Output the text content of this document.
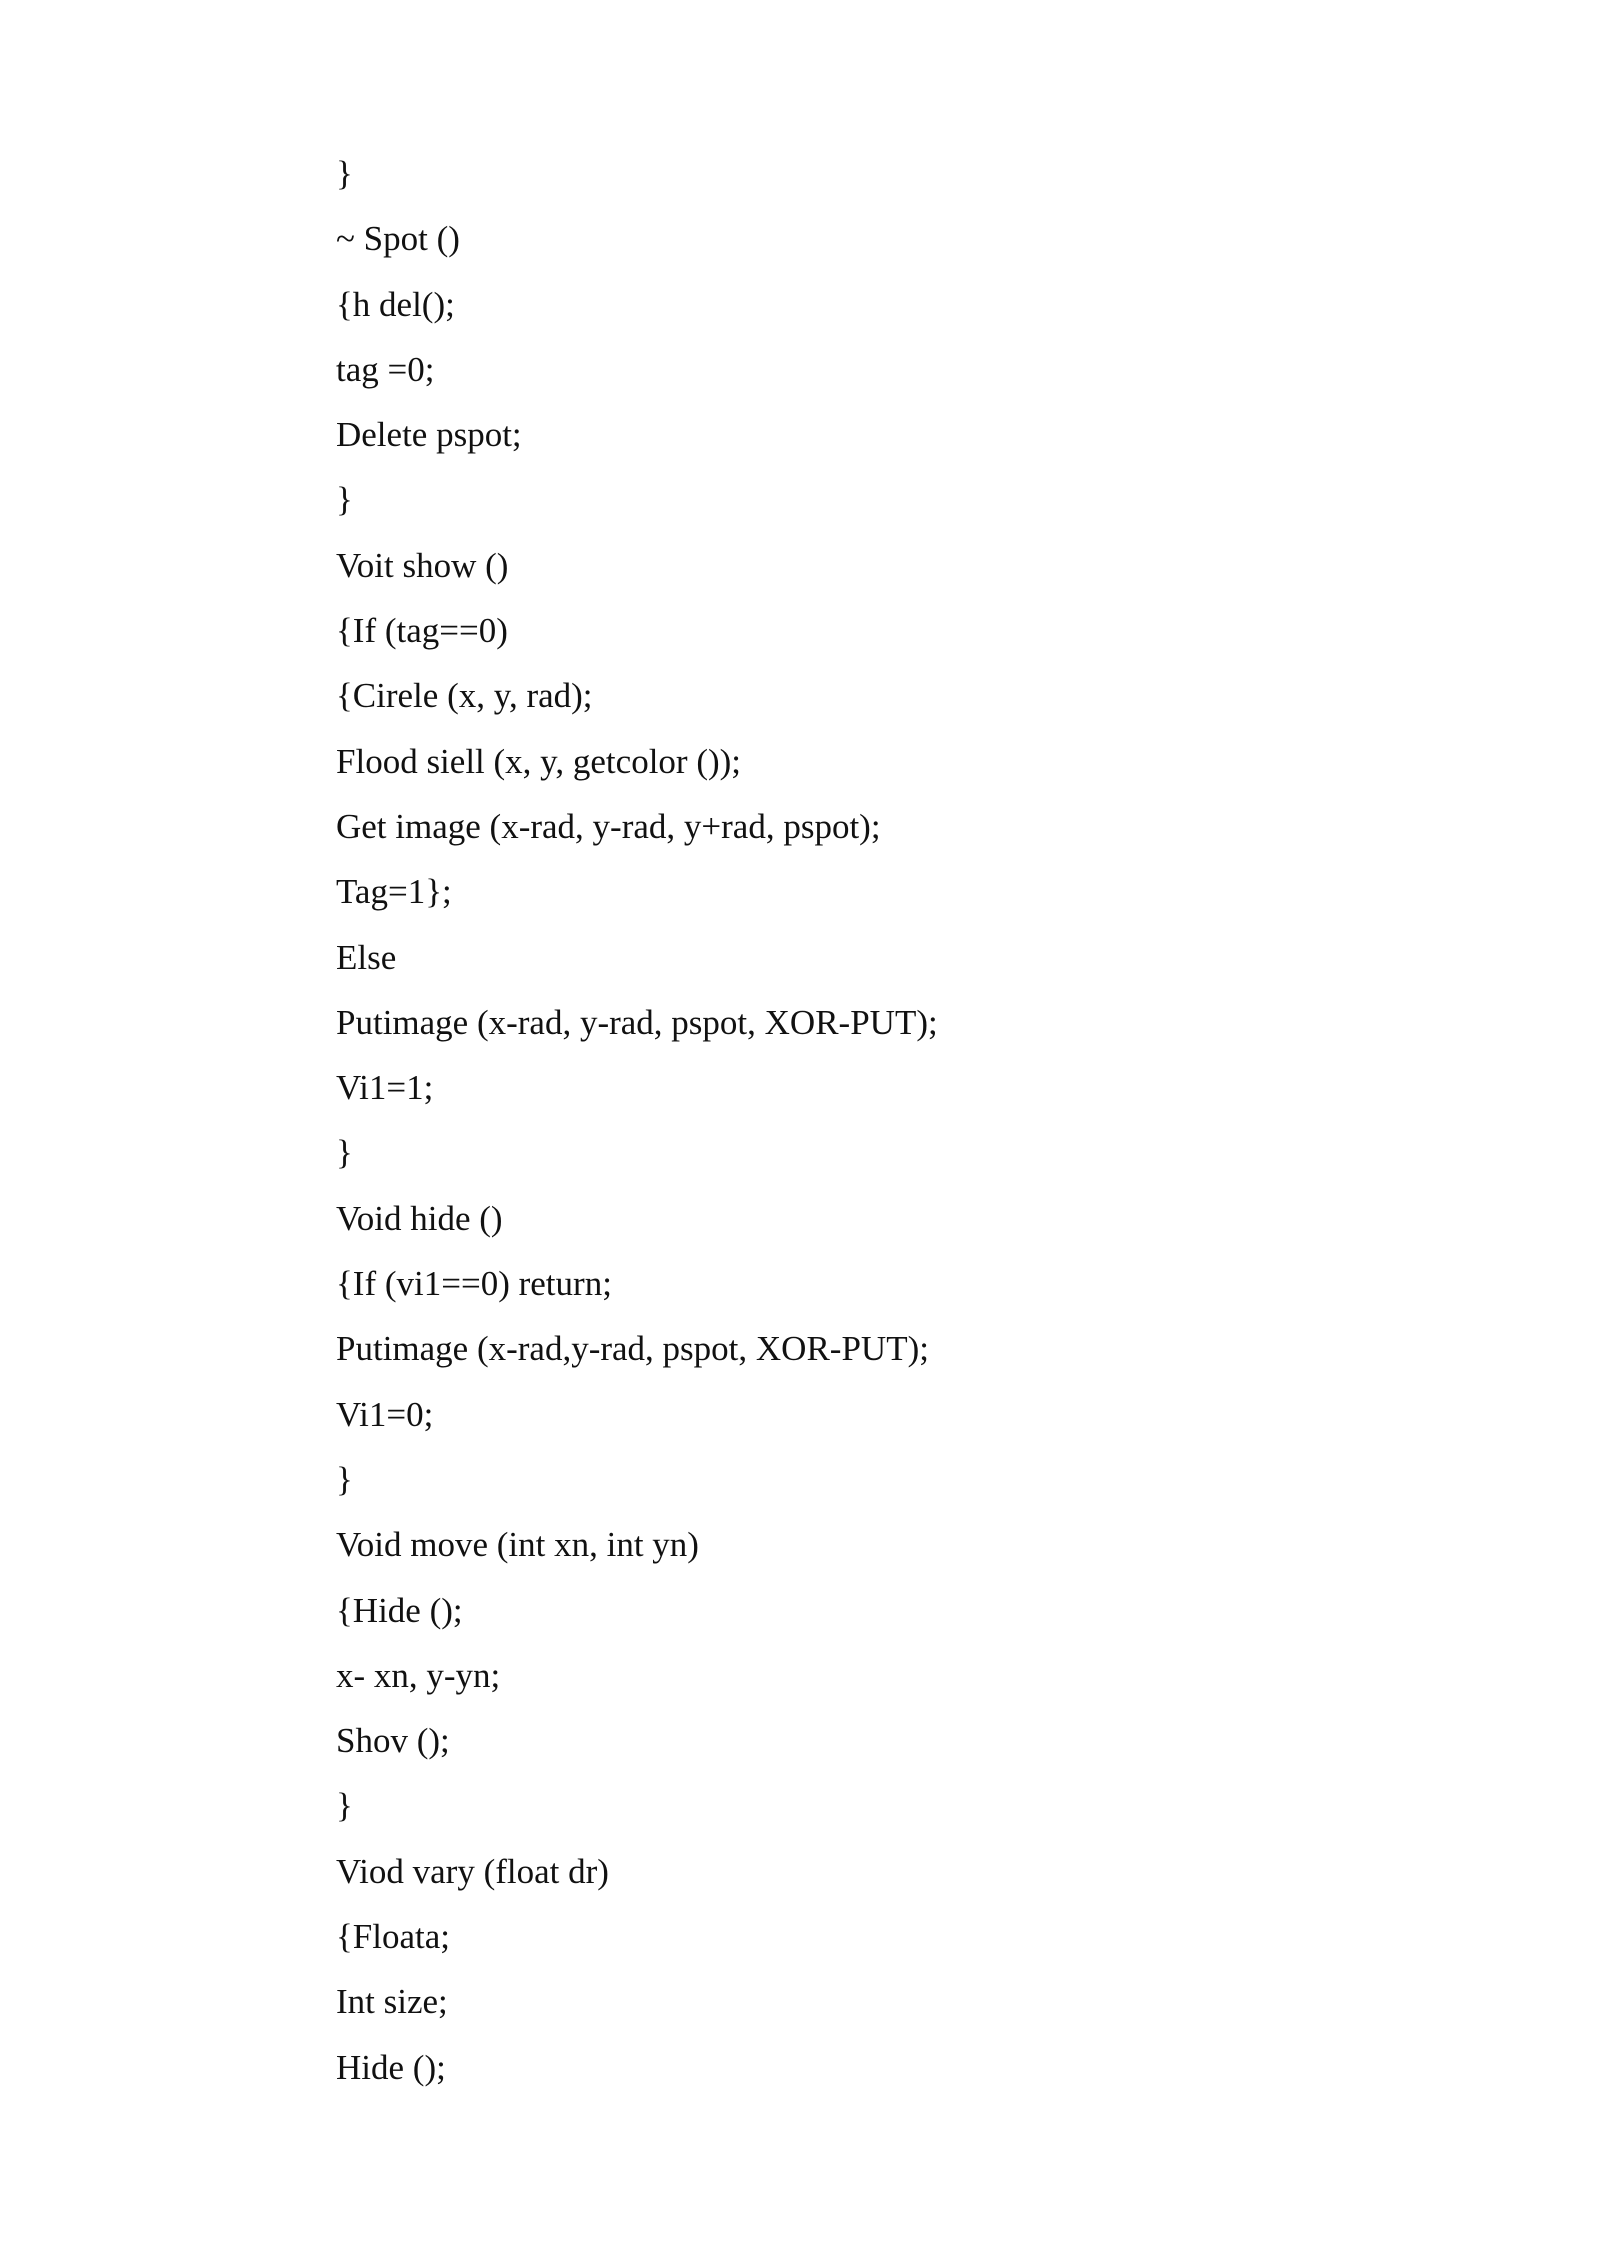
}
~ Spot ()
{h del();
tag =0;
Delete pspot;
}
Voit show ()
{If (tag==0)
{Cirele (x, y, rad);
Flood siell (x, y, getcolor ());
Get image (x-rad, y-rad, y+rad, pspot);
Tag=1};
Else
Putimage (x-rad, y-rad, pspot, XOR-PUT);
Vi1=1;
}
Void hide ()
{If (vi1==0) return;
Putimage (x-rad,y-rad, pspot, XOR-PUT);
Vi1=0;
}
Void move (int xn, int yn)
{Hide ();
x- xn, y-yn;
Shov ();
}
Viod vary (float dr)
{Floata;
Int size;
Hide ();
